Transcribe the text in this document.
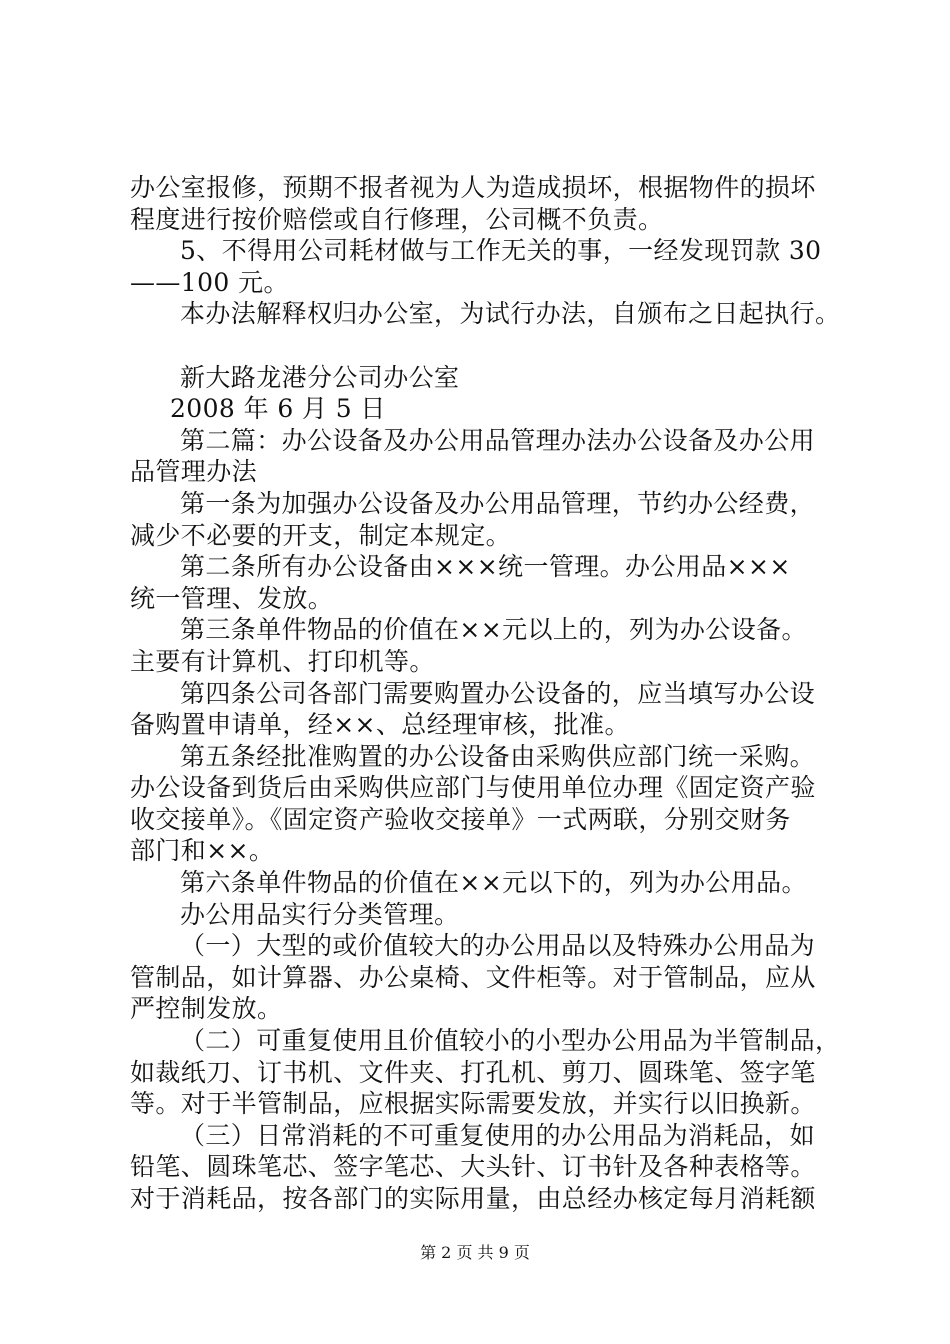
办公室报修，预期不报者视为人为造成损坏，根据物件的损坏
程度进行按价赔偿或自行修理，公司概不负责。
5、不得用公司耗材做与工作无关的事，一经发现罚款 30
——100 元。
本办法解释权归办公室，为试行办法，自颁布之日起执行。
新大路龙港分公司办公室
2008 年 6 月 5 日
第二篇：办公设备及办公用品管理办法办公设备及办公用
品管理办法
第一条为加强办公设备及办公用品管理，节约办公经费，
减少不必要的开支，制定本规定。
第二条所有办公设备由×××统一管理。办公用品×××
统一管理、发放。
第三条单件物品的价值在××元以上的，列为办公设备。
主要有计算机、打印机等。
第四条公司各部门需要购置办公设备的，应当填写办公设
备购置申请单，经××、总经理审核，批准。
第五条经批准购置的办公设备由采购供应部门统一采购。
办公设备到货后由采购供应部门与使用单位办理《固定资产验
收交接单》。《固定资产验收交接单》一式两联，分别交财务
部门和××。
第六条单件物品的价值在××元以下的，列为办公用品。
办公用品实行分类管理。
（一）大型的或价值较大的办公用品以及特殊办公用品为
管制品，如计算器、办公桌椅、文件柜等。对于管制品，应从
严控制发放。
（二）可重复使用且价值较小的小型办公用品为半管制品，
如裁纸刀、订书机、文件夹、打孔机、剪刀、圆珠笔、签字笔
等。对于半管制品，应根据实际需要发放，并实行以旧换新。
（三）日常消耗的不可重复使用的办公用品为消耗品，如
铅笔、圆珠笔芯、签字笔芯、大头针、订书针及各种表格等。
对于消耗品，按各部门的实际用量，由总经办核定每月消耗额
第 2 页 共 9 页
